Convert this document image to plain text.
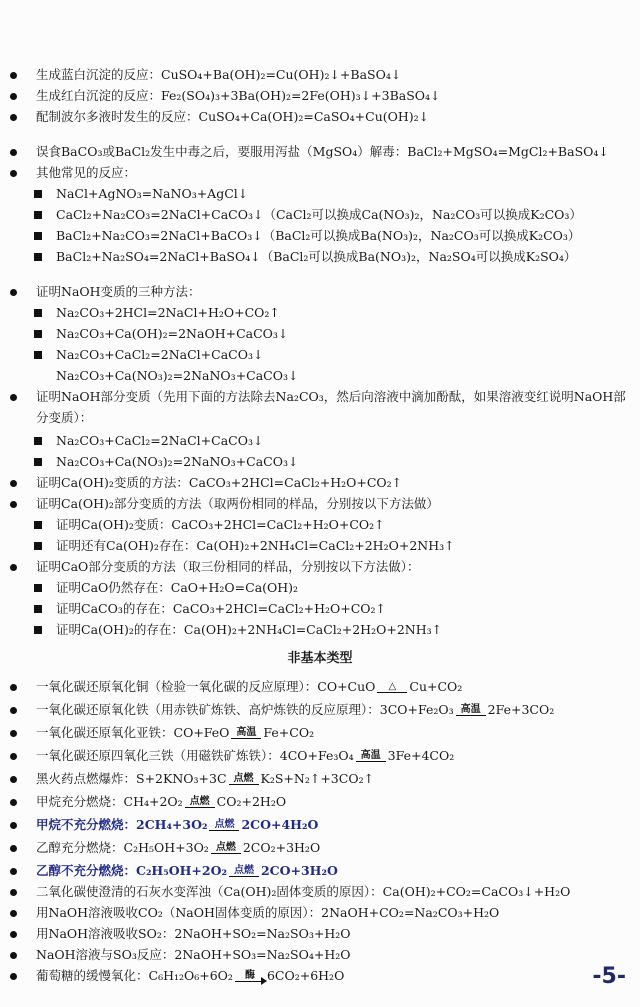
生成蓝白沉淀的反应：CuSO₄+Ba(OH)₂=Cu(OH)₂↓+BaSO₄↓
生成红白沉淀的反应：Fe₂(SO₄)₃+3Ba(OH)₂=2Fe(OH)₃↓+3BaSO₄↓
配制波尔多液时发生的反应：CuSO₄+Ca(OH)₂=CaSO₄+Cu(OH)₂↓
误食BaCO₃或BaCl₂发生中毒之后，要服用泻盐（MgSO₄）解毒：BaCl₂+MgSO₄=MgCl₂+BaSO₄↓
其他常见的反应：
NaCl+AgNO₃=NaNO₃+AgCl↓
CaCl₂+Na₂CO₃=2NaCl+CaCO₃↓（CaCl₂可以换成Ca(NO₃)₂，Na₂CO₃可以换成K₂CO₃）
BaCl₂+Na₂CO₃=2NaCl+BaCO₃↓（BaCl₂可以换成Ba(NO₃)₂，Na₂CO₃可以换成K₂CO₃）
BaCl₂+Na₂SO₄=2NaCl+BaSO₄↓（BaCl₂可以换成Ba(NO₃)₂，Na₂SO₄可以换成K₂SO₄）
证明NaOH变质的三种方法：
Na₂CO₃+2HCl=2NaCl+H₂O+CO₂↑
Na₂CO₃+Ca(OH)₂=2NaOH+CaCO₃↓
Na₂CO₃+CaCl₂=2NaCl+CaCO₃↓
Na₂CO₃+Ca(NO₃)₂=2NaNO₃+CaCO₃↓
证明NaOH部分变质（先用下面的方法除去Na₂CO₃，然后向溶液中滴加酚酞，如果溶液变红说明NaOH部分变质）：
Na₂CO₃+CaCl₂=2NaCl+CaCO₃↓
Na₂CO₃+Ca(NO₃)₂=2NaNO₃+CaCO₃↓
证明Ca(OH)₂变质的方法：CaCO₃+2HCl=CaCl₂+H₂O+CO₂↑
证明Ca(OH)₂部分变质的方法（取两份相同的样品，分别按以下方法做）
证明Ca(OH)₂变质：CaCO₃+2HCl=CaCl₂+H₂O+CO₂↑
证明还有Ca(OH)₂存在：Ca(OH)₂+2NH₄Cl=CaCl₂+2H₂O+2NH₃↑
证明CaO部分变质的方法（取三份相同的样品，分别按以下方法做）：
证明CaO仍然存在：CaO+H₂O=Ca(OH)₂
证明CaCO₃的存在：CaCO₃+2HCl=CaCl₂+H₂O+CO₂↑
证明Ca(OH)₂的存在：Ca(OH)₂+2NH₄Cl=CaCl₂+2H₂O+2NH₃↑
非基本类型
一氧化碳还原氧化铜（检验一氧化碳的反应原理）：CO+CuO	△	Cu+CO₂
一氧化碳还原氧化铁（用赤铁矿炼铁、高炉炼铁的反应原理）：3CO+Fe₂O₃ 高温 2Fe+3CO₂
一氧化碳还原氧化亚铁：CO+FeO 高温 Fe+CO₂
一氧化碳还原四氧化三铁（用磁铁矿炼铁）：4CO+Fe₃O₄ 高温 3Fe+4CO₂
黑火药点燃爆炸：S+2KNO₃+3C 点燃 K₂S+N₂↑+3CO₂↑
甲烷充分燃烧：CH₄+2O₂ 点燃 CO₂+2H₂O
甲烷不充分燃烧：2CH₄+3O₂ 点燃 2CO+4H₂O
乙醇充分燃烧：C₂H₅OH+3O₂ 点燃 2CO₂+3H₂O
乙醇不充分燃烧：C₂H₅OH+2O₂ 点燃 2CO+3H₂O
二氧化碳使澄清的石灰水变浑浊（Ca(OH)₂固体变质的原因）：Ca(OH)₂+CO₂=CaCO₃↓+H₂O
用NaOH溶液吸收CO₂（NaOH固体变质的原因）：2NaOH+CO₂=Na₂CO₃+H₂O
用NaOH溶液吸收SO₂：2NaOH+SO₂=Na₂SO₃+H₂O
NaOH溶液与SO₃反应：2NaOH+SO₃=Na₂SO₄+H₂O
葡萄糖的缓慢氧化：C₆H₁₂O₆+6O₂	酶 6CO₂+6H₂O	-5-
